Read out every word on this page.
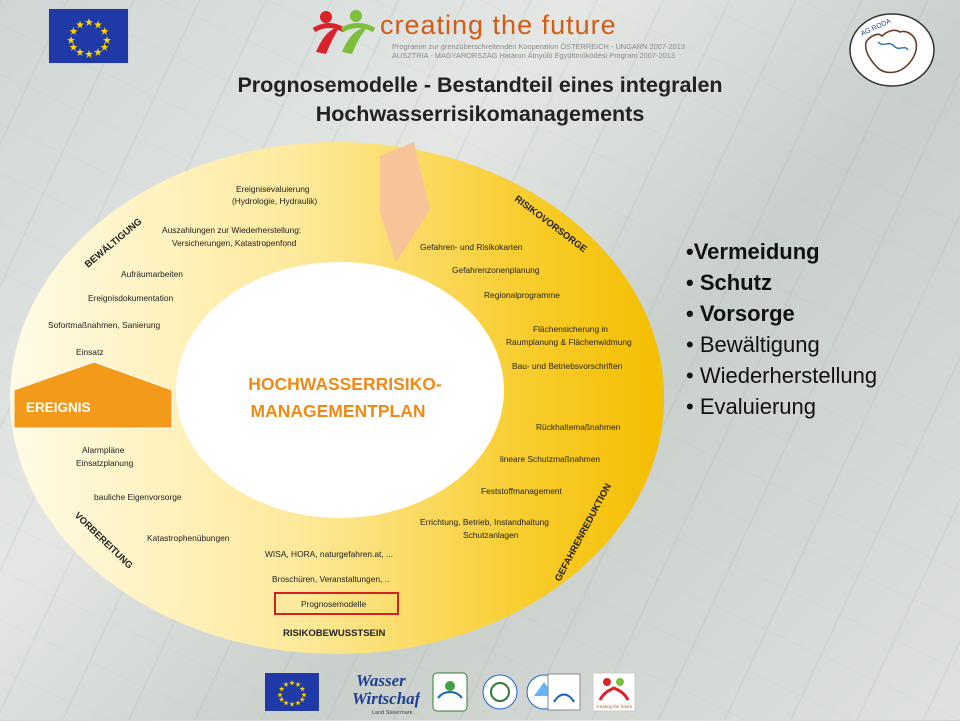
creating the future
Programm zur grenzüberschreitenden Kooperation ÖSTERREICH - UNGARN 2007-2013
AUSZTRIA - MAGYARORSZÁG Határon Átnyúló Együttműködési Program 2007-2013
AG RODA
Prognosemodelle - Bestandteil eines integralen
Hochwasserrisikomanagements
HOCHWASSERRISIKO-
MANAGEMENTPLAN
EREIGNIS
BEWÄLTIGUNG	RISIKOVORSORGE
GEFAHRENREDUKTION
VORBEREITUNG
RISIKOBEWUSSTSEIN
Ereignisevaluierung
(Hydrologie, Hydraulik)
Auszahlungen zur Wiederherstellung:
Versicherungen, Katastropenfond
Aufräumarbeiten
Ereignisdokumentation
Sofortmaßnahmen, Sanierung
Einsatz
Gefahren- und Risikokarten
Gefahrenzonenplanung
Regionalprogramme
Flächensicherung in
Raumplanung & Flächenwidmung
Bau- und Betriebsvorschriften
Rückhaltemaßnahmen
lineare Schutzmaßnahmen
Feststoffmanagement
Errichtung, Betrieb, Instandhaltung
Schutzanlagen
Alarmpläne
Einsatzplanung
bauliche Eigenvorsorge
Katastrophenübungen
WISA, HORA, naturgefahren.at, ...
Broschüren, Veranstaltungen, ..
Prognosemodelle
•Vermeidung
• Schutz
• Vorsorge
• Bewältigung
• Wiederherstellung
• Evaluierung
Wasser
Wirtschaft
Land Steiermark
creating the future
